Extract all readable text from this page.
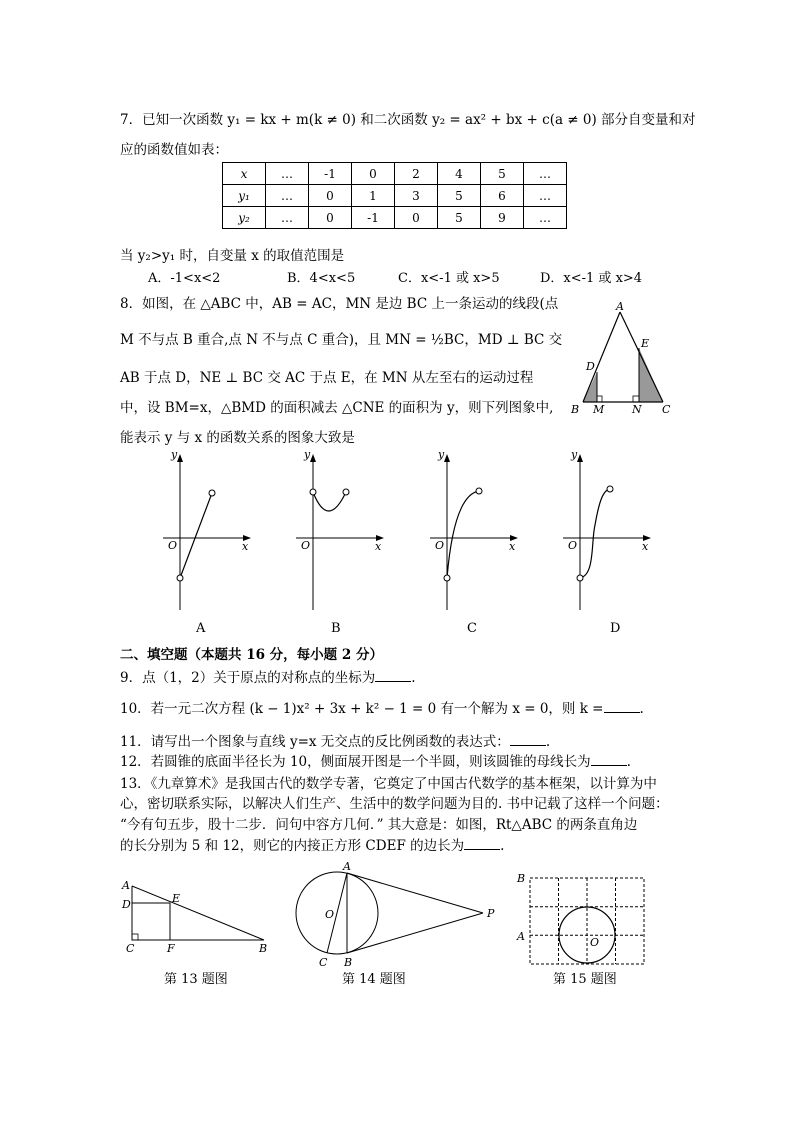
7．已知一次函数 y₁ = kx + m(k ≠ 0) 和二次函数 y₂ = ax² + bx + c(a ≠ 0) 部分自变量和对
应的函数值如表：
x	…	-1	0	2	4	5	…
y₁	…	0	1	3	5	6	…
y₂	…	0	-1	0	5	9	…
当 y₂>y₁ 时，自变量 x 的取值范围是
A．-1<x<2	B．4<x<5	C．x<-1 或 x>5	D．x<-1 或 x>4
8．如图，在 △ABC 中，AB = AC，MN 是边 BC 上一条运动的线段(点
M 不与点 B 重合,点 N 不与点 C 重合)，且 MN = ½BC，MD ⊥ BC 交
AB 于点 D，NE ⊥ BC 交 AC 于点 E，在 MN 从左至右的运动过程
中，设 BM=x，△BMD 的面积减去 △CNE 的面积为 y，则下列图象中,
能表示 y 与 x 的函数关系的图象大致是
A
B	C
D
E
M	N
y
x
O
y
x
O
y
x
O
y
x
O
A	B	C	D
二、填空题（本题共 16 分，每小题 2 分）
9．点（1，2）关于原点的对称点的坐标为	.
10．若一元二次方程 (k − 1)x² + 3x + k² − 1 = 0 有一个解为 x = 0，则 k =	.
11．请写出一个图象与直线 y=x 无交点的反比例函数的表达式：	.
12．若圆锥的底面半径长为 10，侧面展开图是一个半圆，则该圆锥的母线长为	.
13．《九章算术》是我国古代的数学专著，它奠定了中国古代数学的基本框架，以计算为中
心，密切联系实际，以解决人们生产、生活中的数学问题为目的. 书中记载了这样一个问题：
“今有句五步，股十二步．问句中容方几何．” 其大意是：如图，Rt△ABC 的两条直角边
的长分别为 5 和 12，则它的内接正方形 CDEF 的边长为	.
A
D	E
C	F	B
第 13 题图
A
O
C B
P
第 14 题图
B
A	O
第 15 题图
